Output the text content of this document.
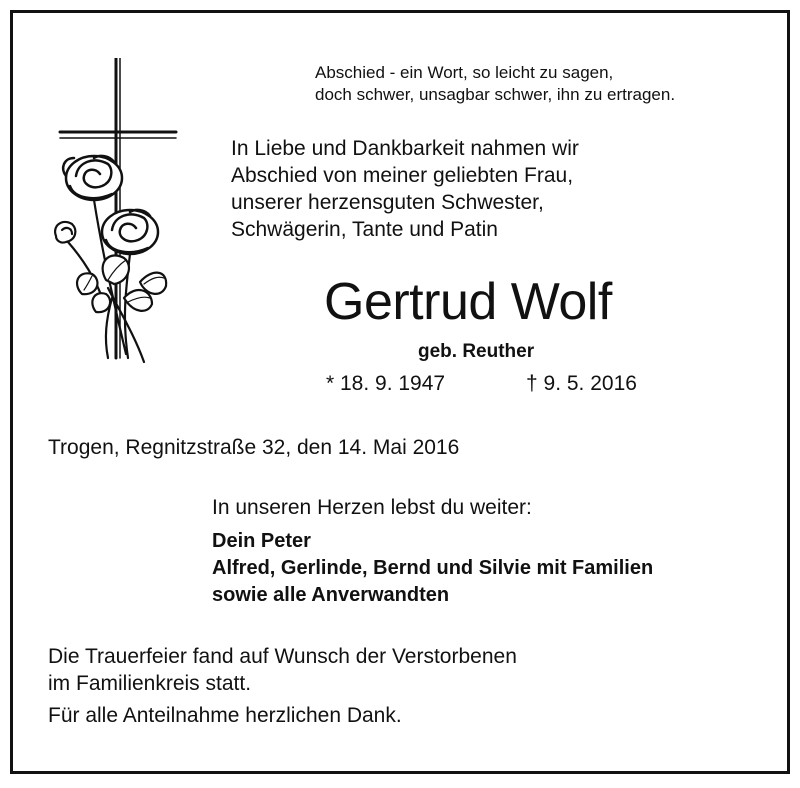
Abschied - ein Wort, so leicht zu sagen,
doch schwer, unsagbar schwer, ihn zu ertragen.
In Liebe und Dankbarkeit nahmen wir
Abschied von meiner geliebten Frau,
unserer herzensguten Schwester,
Schwägerin, Tante und Patin
Gertrud Wolf
geb. Reuther
* 18. 9. 1947	† 9. 5. 2016
Trogen, Regnitzstraße 32, den 14. Mai 2016
In unseren Herzen lebst du weiter:
Dein Peter
Alfred, Gerlinde, Bernd und Silvie mit Familien
sowie alle Anverwandten
Die Trauerfeier fand auf Wunsch der Verstorbenen
im Familienkreis statt.
Für alle Anteilnahme herzlichen Dank.
